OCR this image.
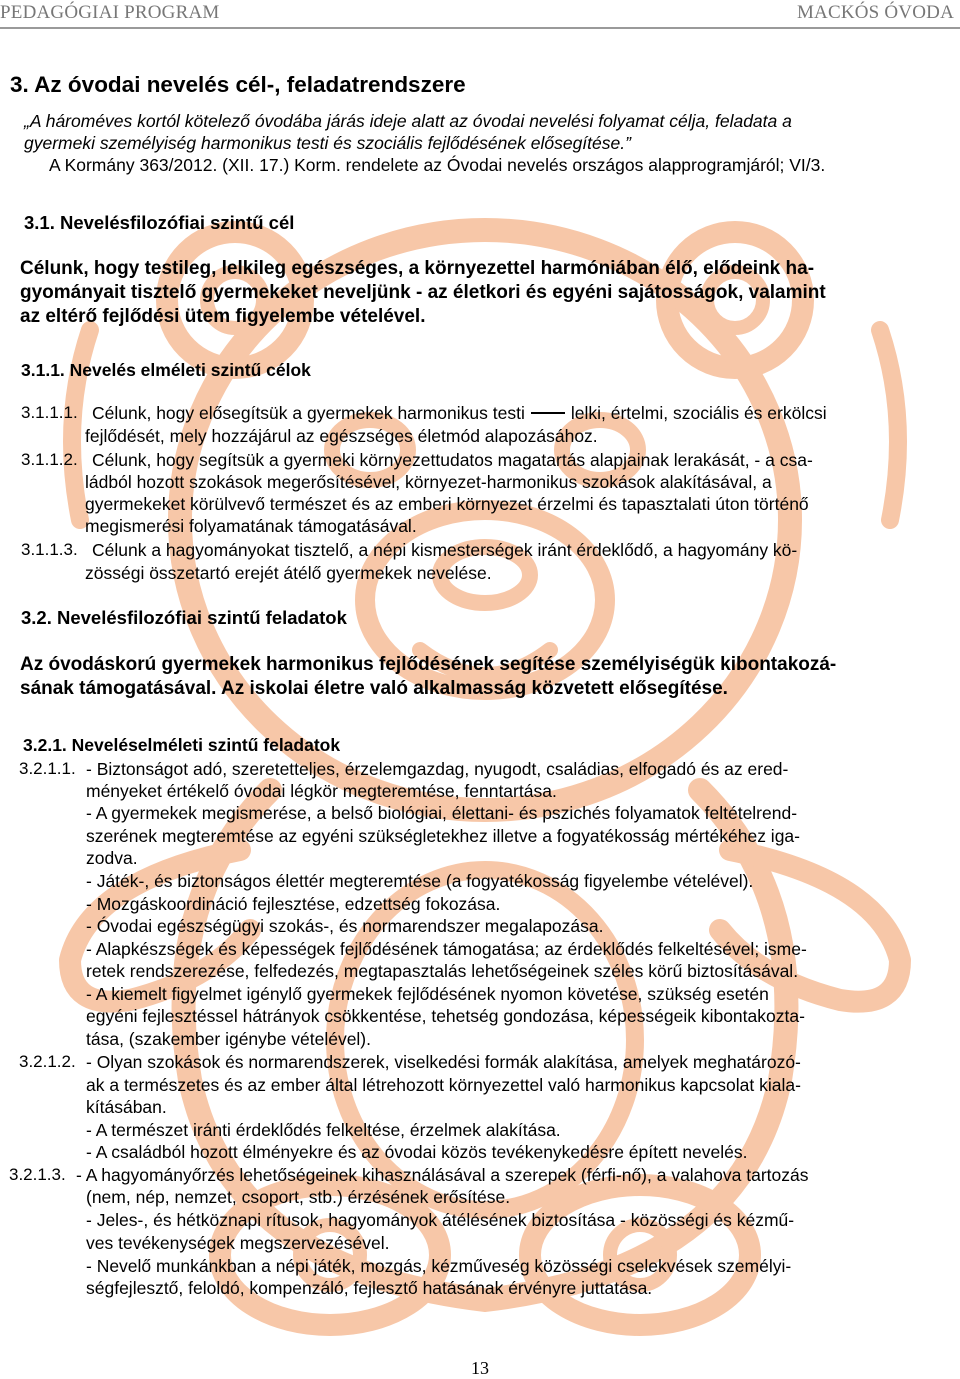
PEDAGÓGIAI PROGRAM	MACKÓS ÓVODA
3. Az óvodai nevelés cél-, feladatrendszere
„A hároméves kortól kötelező óvodába járás ideje alatt az óvodai nevelési folyamat célja, feladata a
gyermeki személyiség harmonikus testi és szociális fejlődésének elősegítése.”
A Kormány 363/2012. (XII. 17.) Korm. rendelete az Óvodai nevelés országos alapprogramjáról; VI/3.
3.1. Nevelésfilozófiai szintű cél
Célunk, hogy testileg, lelkileg egészséges, a környezettel harmóniában élő, elődeink ha-
gyományait tisztelő gyermekeket neveljünk - az életkori és egyéni sajátosságok, valamint
az eltérő fejlődési ütem figyelembe vételével.
3.1.1. Nevelés elméleti szintű célok
3.1.1.1. Célunk, hogy elősegítsük a gyermekek harmonikus testi	lelki, értelmi, szociális és erkölcsi
fejlődését, mely hozzájárul az egészséges életmód alapozásához.
3.1.1.2. Célunk, hogy segítsük a gyermeki környezettudatos magatartás alapjainak lerakását, - a csa-
ládból hozott szokások megerősítésével, környezet-harmonikus szokások alakításával, a
gyermekeket körülvevő természet és az emberi környezet érzelmi és tapasztalati úton történő
megismerési folyamatának támogatásával.
3.1.1.3. Célunk a hagyományokat tisztelő, a népi kismesterségek iránt érdeklődő, a hagyomány kö-
zösségi összetartó erejét átélő gyermekek nevelése.
3.2. Nevelésfilozófiai szintű feladatok
Az óvodáskorú gyermekek harmonikus fejlődésének segítése személyiségük kibontakozá-
sának támogatásával. Az iskolai életre való alkalmasság közvetett elősegítése.
3.2.1. Neveléselméleti szintű feladatok
3.2.1.1. - Biztonságot adó, szeretetteljes, érzelemgazdag, nyugodt, családias, elfogadó és az ered-
ményeket értékelő óvodai légkör megteremtése, fenntartása.
- A gyermekek megismerése, a belső biológiai, élettani- és pszichés folyamatok feltételrend-
szerének megteremtése az egyéni szükségletekhez illetve a fogyatékosság mértékéhez iga-
zodva.
- Játék-, és biztonságos élettér megteremtése (a fogyatékosság figyelembe vételével).
- Mozgáskoordináció fejlesztése, edzettség fokozása.
- Óvodai egészségügyi szokás-, és normarendszer megalapozása.
- Alapkészségek és képességek fejlődésének támogatása; az érdeklődés felkeltésével; isme-
retek rendszerezése, felfedezés, megtapasztalás lehetőségeinek széles körű biztosításával.
- A kiemelt figyelmet igénylő gyermekek fejlődésének nyomon követése, szükség esetén
egyéni fejlesztéssel hátrányok csökkentése, tehetség gondozása, képességeik kibontakozta-
tása, (szakember igénybe vételével).
3.2.1.2. - Olyan szokások és normarendszerek, viselkedési formák alakítása, amelyek meghatározó-
ak a természetes és az ember által létrehozott környezettel való harmonikus kapcsolat kiala-
kításában.
- A természet iránti érdeklődés felkeltése, érzelmek alakítása.
- A családból hozott élményekre és az óvodai közös tevékenykedésre épített nevelés.
3.2.1.3. - A hagyományőrzés lehetőségeinek kihasználásával a szerepek (férfi-nő), a valahova tartozás
(nem, nép, nemzet, csoport, stb.) érzésének erősítése.
- Jeles-, és hétköznapi rítusok, hagyományok átélésének biztosítása - közösségi és kézmű-
ves tevékenységek megszervezésével.
- Nevelő munkánkban a népi játék, mozgás, kézműveség közösségi cselekvések személyi-
ségfejlesztő, feloldó, kompenzáló, fejlesztő hatásának érvényre juttatása.
13
